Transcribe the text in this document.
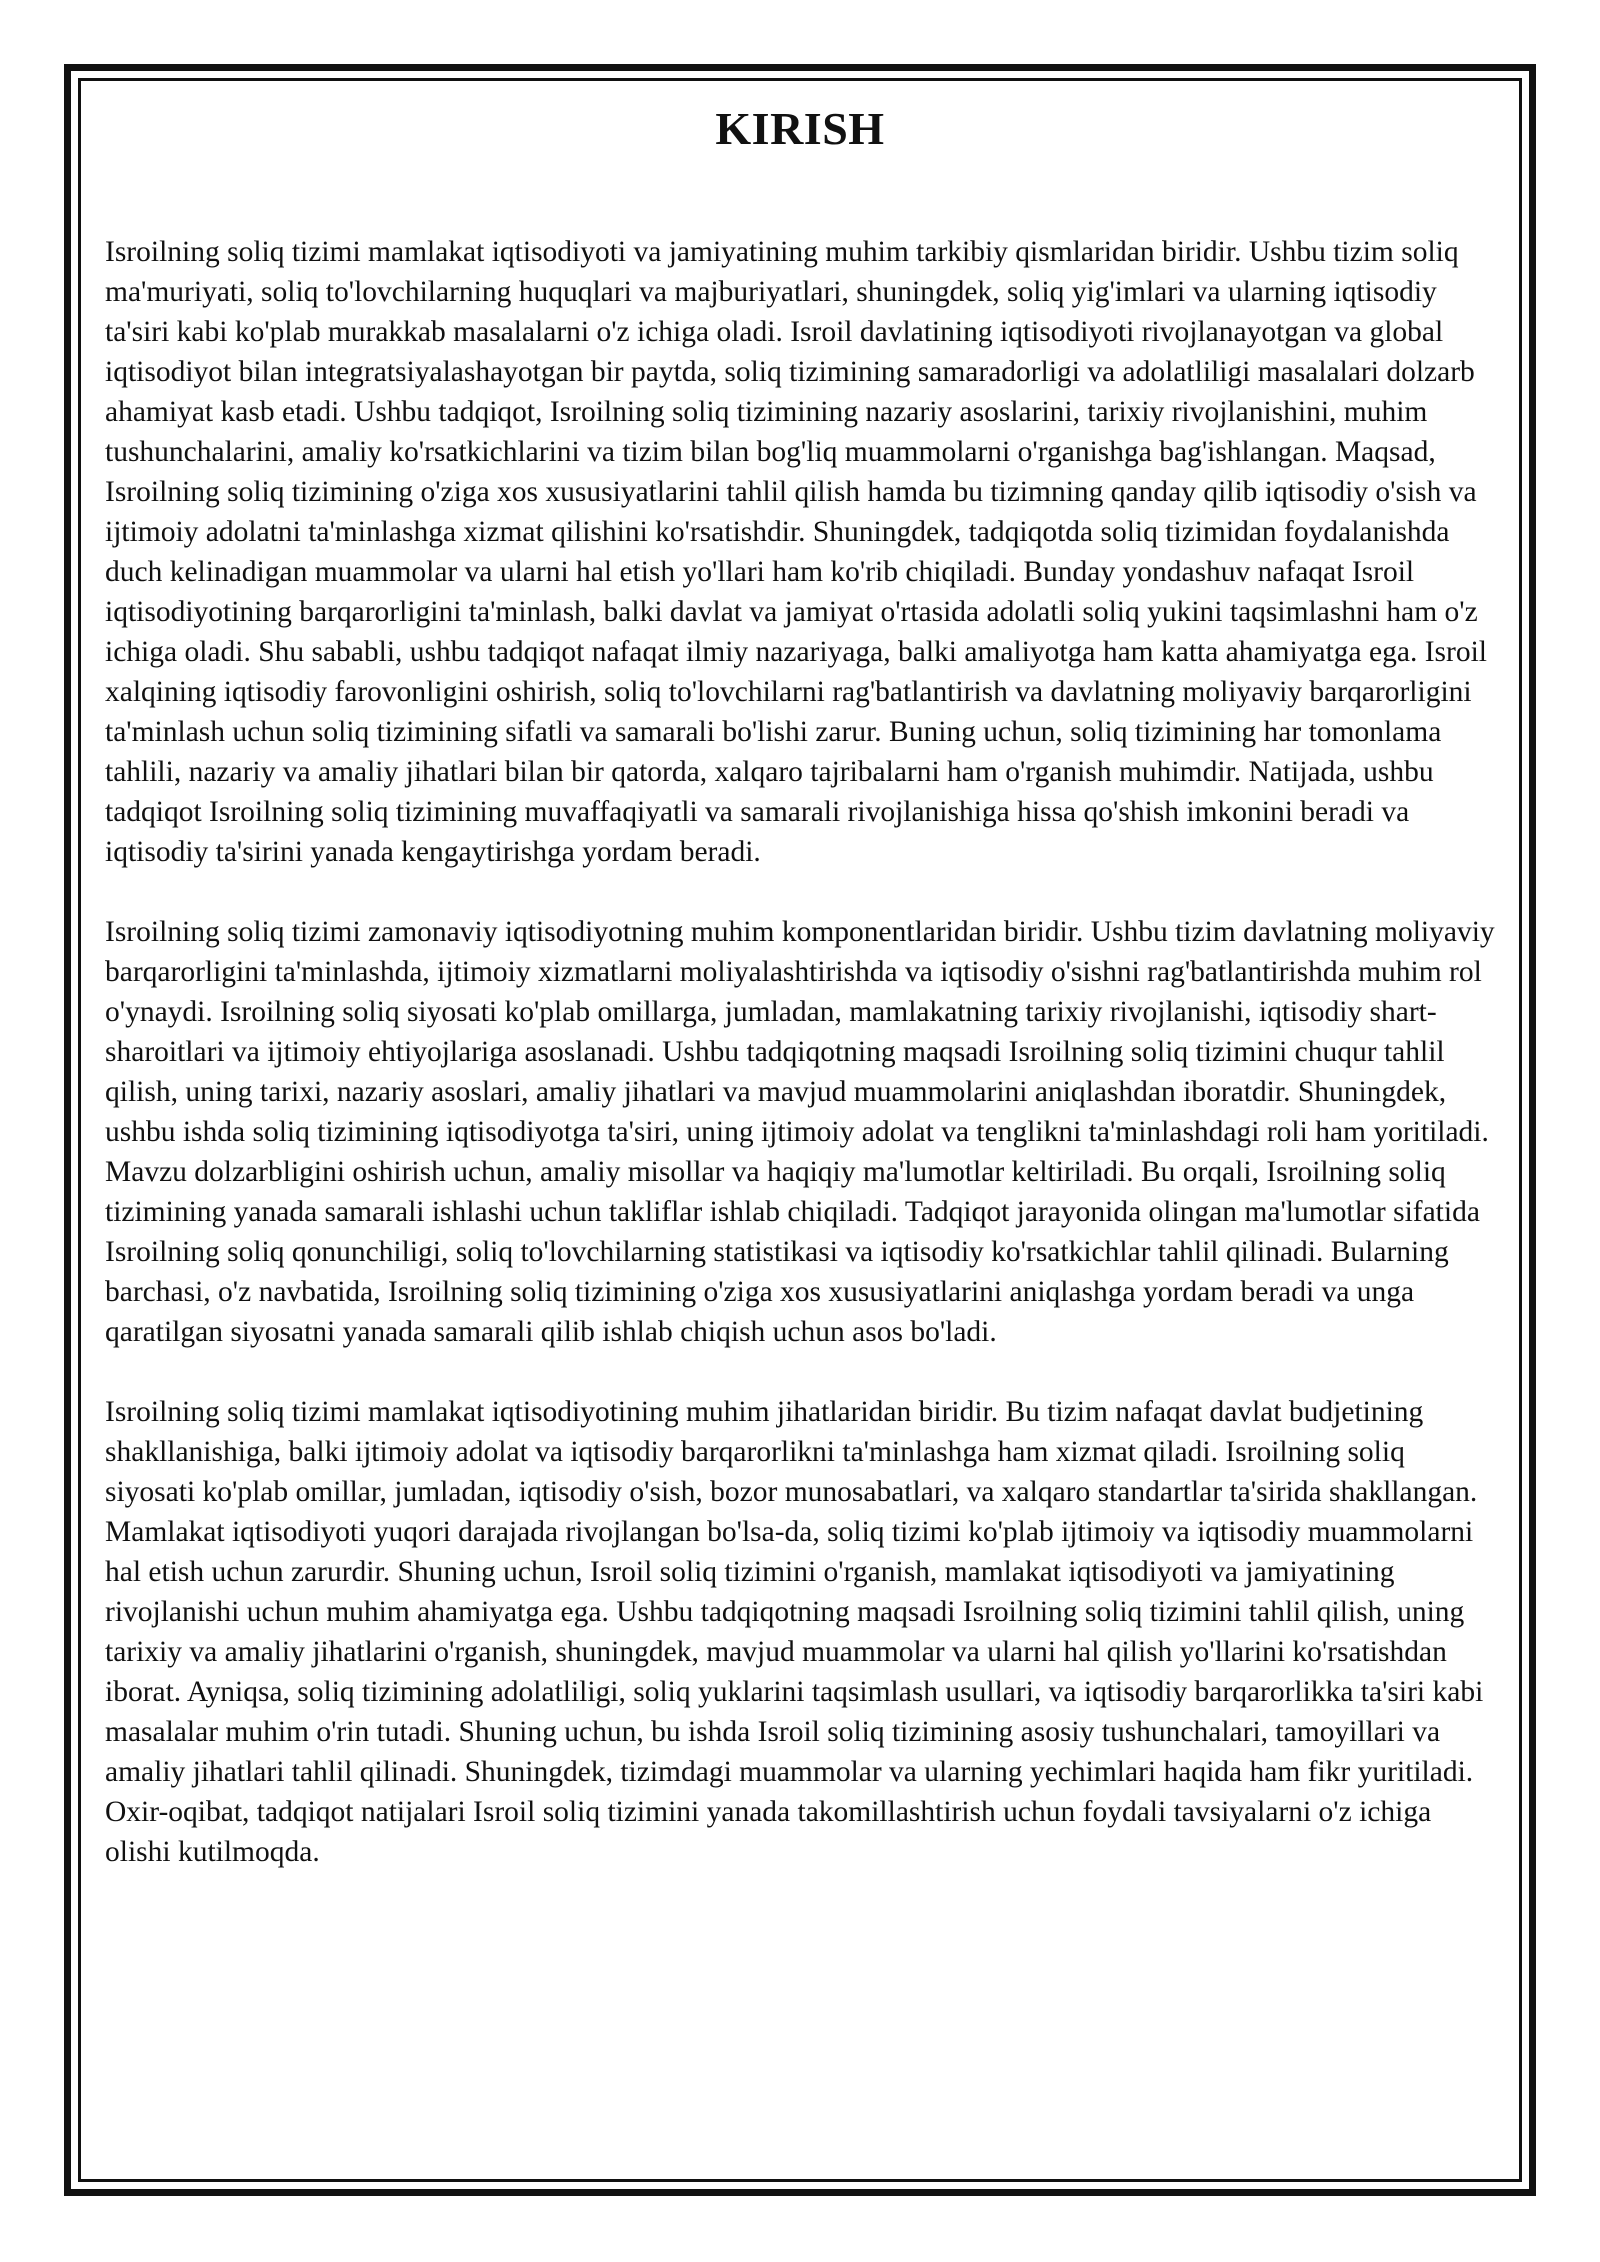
KIRISH

Isroilning soliq tizimi mamlakat iqtisodiyoti va jamiyatining muhim tarkibiy qismlaridan biridir. Ushbu tizim soliq ma'muriyati, soliq to'lovchilarning huquqlari va majburiyatlari, shuningdek, soliq yig'imlari va ularning iqtisodiy ta'siri kabi ko'plab murakkab masalalarni o'z ichiga oladi. Isroil davlatining iqtisodiyoti rivojlanayotgan va global iqtisodiyot bilan integratsiyalashayotgan bir paytda, soliq tizimining samaradorligi va adolatliligi masalalari dolzarb ahamiyat kasb etadi. Ushbu tadqiqot, Isroilning soliq tizimining nazariy asoslarini, tarixiy rivojlanishini, muhim tushunchalarini, amaliy ko'rsatkichlarini va tizim bilan bog'liq muammolarni o'rganishga bag'ishlangan. Maqsad, Isroilning soliq tizimining o'ziga xos xususiyatlarini tahlil qilish hamda bu tizimning qanday qilib iqtisodiy o'sish va ijtimoiy adolatni ta'minlashga xizmat qilishini ko'rsatishdir. Shuningdek, tadqiqotda soliq tizimidan foydalanishda duch kelinadigan muammolar va ularni hal etish yo'llari ham ko'rib chiqiladi. Bunday yondashuv nafaqat Isroil iqtisodiyotining barqarorligini ta'minlash, balki davlat va jamiyat o'rtasida adolatli soliq yukini taqsimlashni ham o'z ichiga oladi. Shu sababli, ushbu tadqiqot nafaqat ilmiy nazariyaga, balki amaliyotga ham katta ahamiyatga ega. Isroil xalqining iqtisodiy farovonligini oshirish, soliq to'lovchilarni rag'batlantirish va davlatning moliyaviy barqarorligini ta'minlash uchun soliq tizimining sifatli va samarali bo'lishi zarur. Buning uchun, soliq tizimining har tomonlama tahlili, nazariy va amaliy jihatlari bilan bir qatorda, xalqaro tajribalarni ham o'rganish muhimdir. Natijada, ushbu tadqiqot Isroilning soliq tizimining muvaffaqiyatli va samarali rivojlanishiga hissa qo'shish imkonini beradi va iqtisodiy ta'sirini yanada kengaytirishga yordam beradi.

Isroilning soliq tizimi zamonaviy iqtisodiyotning muhim komponentlaridan biridir. Ushbu tizim davlatning moliyaviy barqarorligini ta'minlashda, ijtimoiy xizmatlarni moliyalashtirishda va iqtisodiy o'sishni rag'batlantirishda muhim rol o'ynaydi. Isroilning soliq siyosati ko'plab omillarga, jumladan, mamlakatning tarixiy rivojlanishi, iqtisodiy shart-sharoitlari va ijtimoiy ehtiyojlariga asoslanadi. Ushbu tadqiqotning maqsadi Isroilning soliq tizimini chuqur tahlil qilish, uning tarixi, nazariy asoslari, amaliy jihatlari va mavjud muammolarini aniqlashdan iboratdir. Shuningdek, ushbu ishda soliq tizimining iqtisodiyotga ta'siri, uning ijtimoiy adolat va tenglikni ta'minlashdagi roli ham yoritiladi. Mavzu dolzarbligini oshirish uchun, amaliy misollar va haqiqiy ma'lumotlar keltiriladi. Bu orqali, Isroilning soliq tizimining yanada samarali ishlashi uchun takliflar ishlab chiqiladi. Tadqiqot jarayonida olingan ma'lumotlar sifatida Isroilning soliq qonunchiligi, soliq to'lovchilarning statistikasi va iqtisodiy ko'rsatkichlar tahlil qilinadi. Bularning barchasi, o'z navbatida, Isroilning soliq tizimining o'ziga xos xususiyatlarini aniqlashga yordam beradi va unga qaratilgan siyosatni yanada samarali qilib ishlab chiqish uchun asos bo'ladi.

Isroilning soliq tizimi mamlakat iqtisodiyotining muhim jihatlaridan biridir. Bu tizim nafaqat davlat budjetining shakllanishiga, balki ijtimoiy adolat va iqtisodiy barqarorlikni ta'minlashga ham xizmat qiladi. Isroilning soliq siyosati ko'plab omillar, jumladan, iqtisodiy o'sish, bozor munosabatlari, va xalqaro standartlar ta'sirida shakllangan. Mamlakat iqtisodiyoti yuqori darajada rivojlangan bo'lsa-da, soliq tizimi ko'plab ijtimoiy va iqtisodiy muammolarni hal etish uchun zarurdir. Shuning uchun, Isroil soliq tizimini o'rganish, mamlakat iqtisodiyoti va jamiyatining rivojlanishi uchun muhim ahamiyatga ega. Ushbu tadqiqotning maqsadi Isroilning soliq tizimini tahlil qilish, uning tarixiy va amaliy jihatlarini o'rganish, shuningdek, mavjud muammolar va ularni hal qilish yo'llarini ko'rsatishdan iborat. Ayniqsa, soliq tizimining adolatliligi, soliq yuklarini taqsimlash usullari, va iqtisodiy barqarorlikka ta'siri kabi masalalar muhim o'rin tutadi. Shuning uchun, bu ishda Isroil soliq tizimining asosiy tushunchalari, tamoyillari va amaliy jihatlari tahlil qilinadi. Shuningdek, tizimdagi muammolar va ularning yechimlari haqida ham fikr yuritiladi. Oxir-oqibat, tadqiqot natijalari Isroil soliq tizimini yanada takomillashtirish uchun foydali tavsiyalarni o'z ichiga olishi kutilmoqda.
